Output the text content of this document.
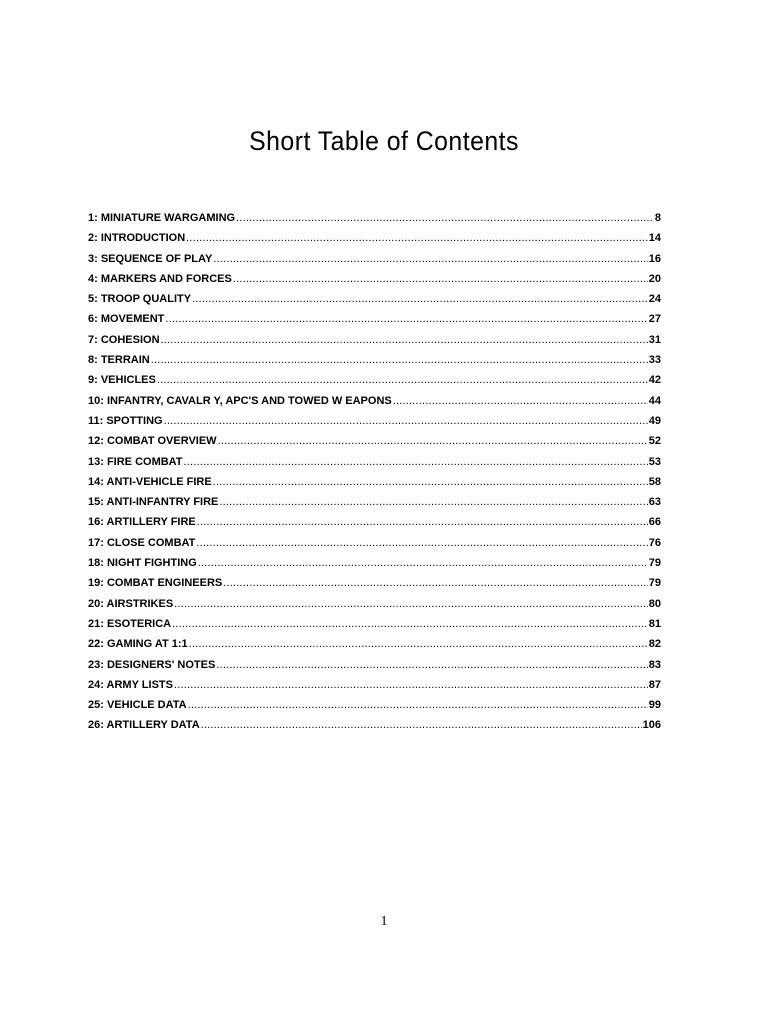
Short Table of Contents
1: MINIATURE WARGAMING .....	8
2: INTRODUCTION .....	14
3: SEQUENCE OF PLAY .....	16
4: MARKERS AND FORCES .....	20
5: TROOP QUALITY .....	24
6: MOVEMENT .....	27
7: COHESION .....	31
8: TERRAIN .....	33
9: VEHICLES .....	42
10: INFANTRY, CAVALR Y, APC'S AND TOWED W EAPONS .....	44
11: SPOTTING .....	49
12: COMBAT OVERVIEW .....	52
13: FIRE COMBAT .....	53
14: ANTI-VEHICLE FIRE .....	58
15: ANTI-INFANTRY FIRE .....	63
16: ARTILLERY FIRE .....	66
17: CLOSE COMBAT .....	76
18: NIGHT FIGHTING .....	79
19: COMBAT ENGINEERS .....	79
20: AIRSTRIKES .....	80
21: ESOTERICA .....	81
22: GAMING AT 1:1 .....	82
23: DESIGNERS' NOTES .....	83
24: ARMY LISTS .....	87
25: VEHICLE DATA .....	99
26: ARTILLERY DATA .....	106
1
